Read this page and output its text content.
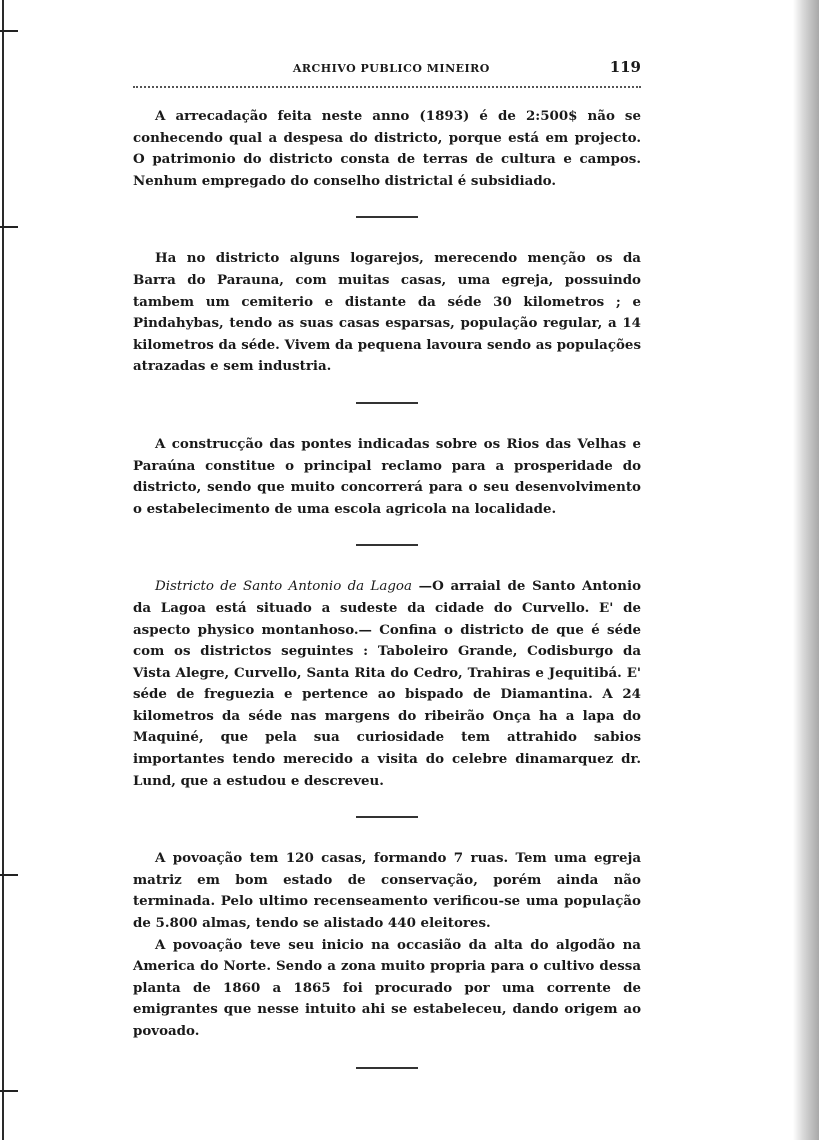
ARCHIVO PUBLICO MINEIRO	119

A arrecadação feita neste anno (1893) é de 2:500$ não se conhecendo qual a despesa do districto, porque está em projecto. O patrimonio do districto consta de terras de cultura e campos. Nenhum empregado do conselho districtal é subsidiado.

Ha no districto alguns logarejos, merecendo menção os da Barra do Parauna, com muitas casas, uma egreja, possuindo tambem um cemiterio e distante da séde 30 kilometros ; e Pindahybas, tendo as suas casas esparsas, população regular, a 14 kilometros da séde. Vivem da pequena lavoura sendo as populações atrazadas e sem industria.

A construcção das pontes indicadas sobre os Rios das Velhas e Paraúna constitue o principal reclamo para a prosperidade do districto, sendo que muito concorrerá para o seu desenvolvimento o estabelecimento de uma escola agricola na localidade.

Districto de Santo Antonio da Lagoa —O arraial de Santo Antonio da Lagoa está situado a sudeste da cidade do Curvello. E' de aspecto physico montanhoso.— Confina o districto de que é séde com os districtos seguintes : Taboleiro Grande, Codisburgo da Vista Alegre, Curvello, Santa Rita do Cedro, Trahiras e Jequitibá. E' séde de freguezia e pertence ao bispado de Diamantina. A 24 kilometros da séde nas margens do ribeirão Onça ha a lapa do Maquiné, que pela sua curiosidade tem attrahido sabios importantes tendo merecido a visita do celebre dinamarquez dr. Lund, que a estudou e descreveu.

A povoação tem 120 casas, formando 7 ruas. Tem uma egreja matriz em bom estado de conservação, porém ainda não terminada. Pelo ultimo recenseamento verificou-se uma população de 5.800 almas, tendo se alistado 440 eleitores.

A povoação teve seu inicio na occasião da alta do algodão na America do Norte. Sendo a zona muito propria para o cultivo dessa planta de 1860 a 1865 foi procurado por uma corrente de emigrantes que nesse intuito ahi se estabeleceu, dando origem ao povoado.
